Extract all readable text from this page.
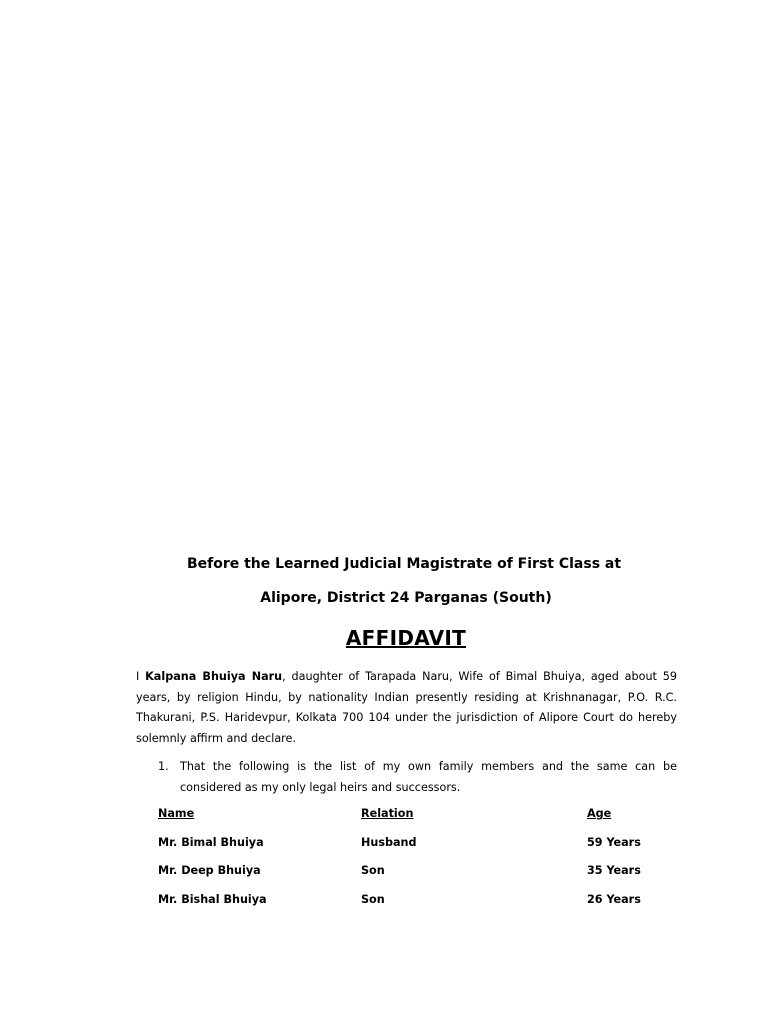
Before the Learned Judicial Magistrate of First Class at
Alipore, District 24 Parganas (South)
AFFIDAVIT
I Kalpana Bhuiya Naru, daughter of Tarapada Naru, Wife of Bimal Bhuiya, aged about 59 years, by religion Hindu, by nationality Indian presently residing at Krishnanagar, P.O. R.C. Thakurani, P.S. Haridevpur, Kolkata 700 104 under the jurisdiction of Alipore Court do hereby solemnly affirm and declare.
1. That the following is the list of my own family members and the same can be considered as my only legal heirs and successors.
Name	Relation	Age
Mr. Bimal Bhuiya	Husband	59 Years
Mr. Deep Bhuiya	Son	35 Years
Mr. Bishal Bhuiya	Son	26 Years
